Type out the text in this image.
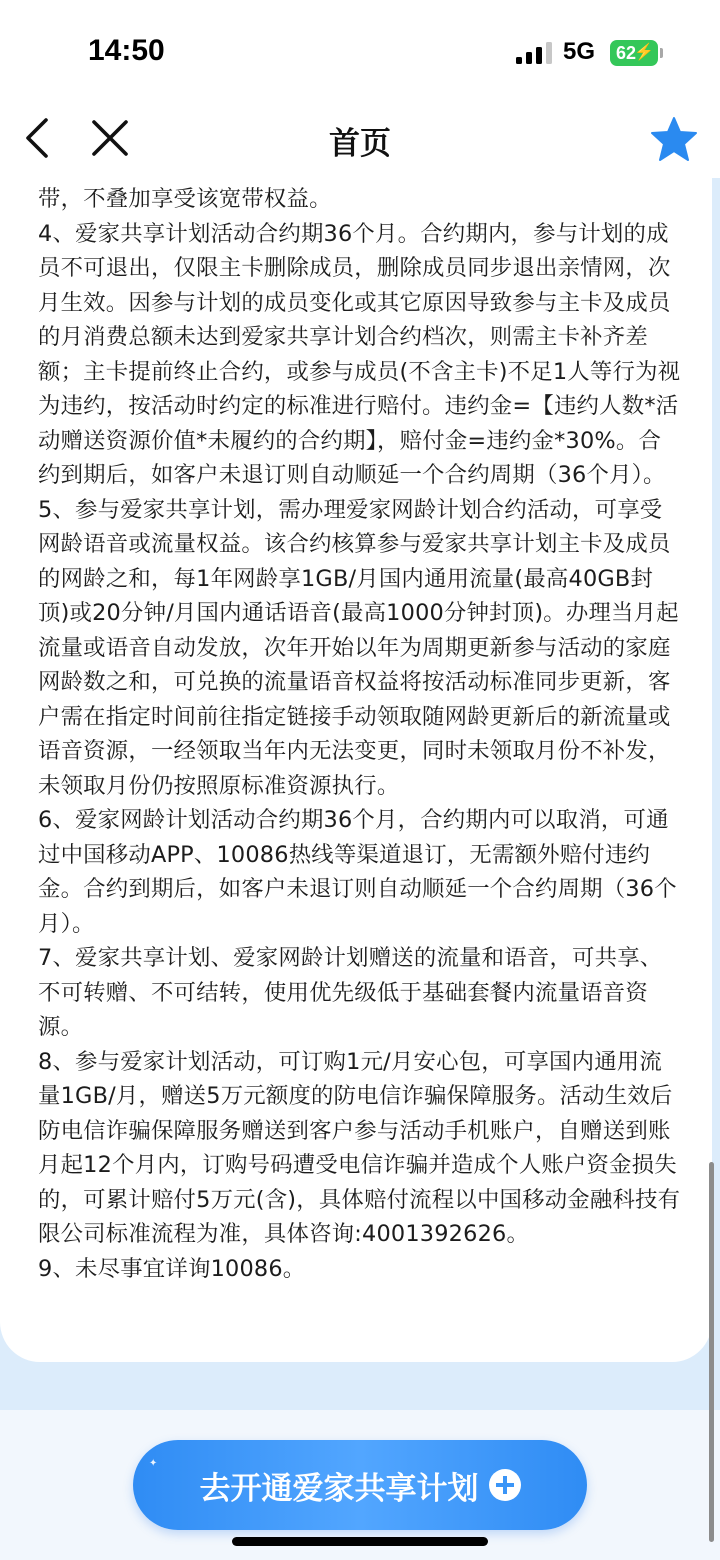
14:50	5G	62
⚡
首页

带，不叠加享受该宽带权益。

4、爱家共享计划活动合约期36个月。合约期内，参与计划的成员不可退出，仅限主卡删除成员，删除成员同步退出亲情网，次月生效。因参与计划的成员变化或其它原因导致参与主卡及成员的月消费总额未达到爱家共享计划合约档次，则需主卡补齐差额；主卡提前终止合约，或参与成员(不含主卡)不足1人等行为视为违约，按活动时约定的标准进行赔付。违约金=【违约人数*活动赠送资源价值*未履约的合约期】，赔付金=违约金*30%。合约到期后，如客户未退订则自动顺延一个合约周期（36个月）。

5、参与爱家共享计划，需办理爱家网龄计划合约活动，可享受网龄语音或流量权益。该合约核算参与爱家共享计划主卡及成员的网龄之和，每1年网龄享1GB/月国内通用流量(最高40GB封顶)或20分钟/月国内通话语音(最高1000分钟封顶)。办理当月起流量或语音自动发放，次年开始以年为周期更新参与活动的家庭网龄数之和，可兑换的流量语音权益将按活动标准同步更新，客户需在指定时间前往指定链接手动领取随网龄更新后的新流量或语音资源，一经领取当年内无法变更，同时未领取月份不补发，未领取月份仍按照原标准资源执行。

6、爱家网龄计划活动合约期36个月，合约期内可以取消，可通过中国移动APP、10086热线等渠道退订，无需额外赔付违约金。合约到期后，如客户未退订则自动顺延一个合约周期（36个月）。

7、爱家共享计划、爱家网龄计划赠送的流量和语音，可共享、不可转赠、不可结转，使用优先级低于基础套餐内流量语音资源。

8、参与爱家计划活动，可订购1元/月安心包，可享国内通用流量1GB/月，赠送5万元额度的防电信诈骗保障服务。活动生效后防电信诈骗保障服务赠送到客户参与活动手机账户，自赠送到账月起12个月内，订购号码遭受电信诈骗并造成个人账户资金损失的，可累计赔付5万元(含)，具体赔付流程以中国移动金融科技有限公司标准流程为准，具体咨询:4001392626。

9、未尽事宜详询10086。

✦
去开通爱家共享计划
